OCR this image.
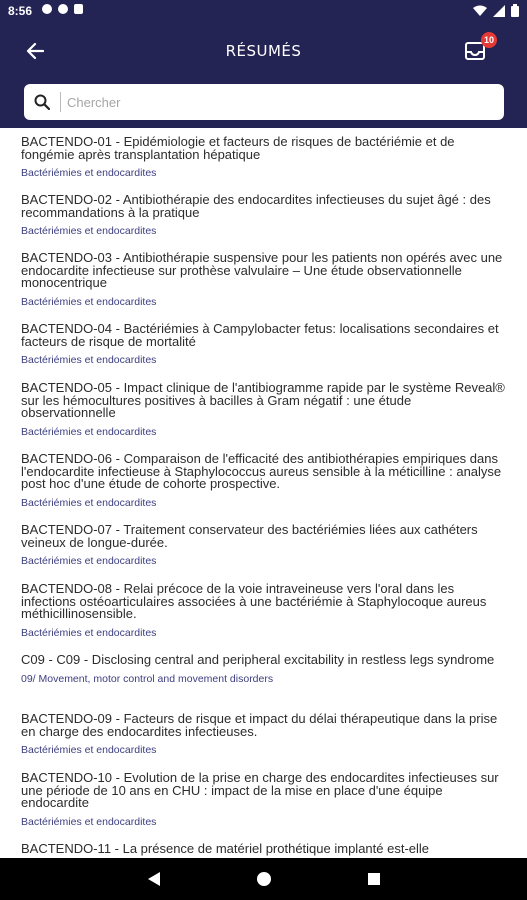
8:56
RÉSUMÉS
10
Chercher
BACTENDO-01 - Epidémiologie et facteurs de risques de bactériémie et de fongémie après transplantation hépatique
Bactériémies et endocardites
BACTENDO-02 - Antibiothérapie des endocardites infectieuses du sujet âgé : des recommandations à la pratique
Bactériémies et endocardites
BACTENDO-03 - Antibiothérapie suspensive pour les patients non opérés avec une endocardite infectieuse sur prothèse valvulaire – Une étude observationnelle monocentrique
Bactériémies et endocardites
BACTENDO-04 - Bactériémies à Campylobacter fetus: localisations secondaires et facteurs de risque de mortalité
Bactériémies et endocardites
BACTENDO-05 - Impact clinique de l'antibiogramme rapide par le système Reveal® sur les hémocultures positives à bacilles à Gram négatif : une étude observationnelle
Bactériémies et endocardites
BACTENDO-06 - Comparaison de l'efficacité des antibiothérapies empiriques dans l'endocardite infectieuse à Staphylococcus aureus sensible à la méticilline : analyse post hoc d'une étude de cohorte prospective.
Bactériémies et endocardites
BACTENDO-07 - Traitement conservateur des bactériémies liées aux cathéters veineux de longue-durée.
Bactériémies et endocardites
BACTENDO-08 - Relai précoce de la voie intraveineuse vers l'oral dans les infections ostéoarticulaires associées à une bactériémie à Staphylocoque aureus méthicillinosensible.
Bactériémies et endocardites
C09 - C09 - Disclosing central and peripheral excitability in restless legs syndrome
09/ Movement, motor control and movement disorders
BACTENDO-09 - Facteurs de risque et impact du délai thérapeutique dans la prise en charge des endocardites infectieuses.
Bactériémies et endocardites
BACTENDO-10 - Evolution de la prise en charge des endocardites infectieuses sur une période de 10 ans en CHU : impact de la mise en place d'une équipe endocardite
Bactériémies et endocardites
BACTENDO-11 - La présence de matériel prothétique implanté est-elle
